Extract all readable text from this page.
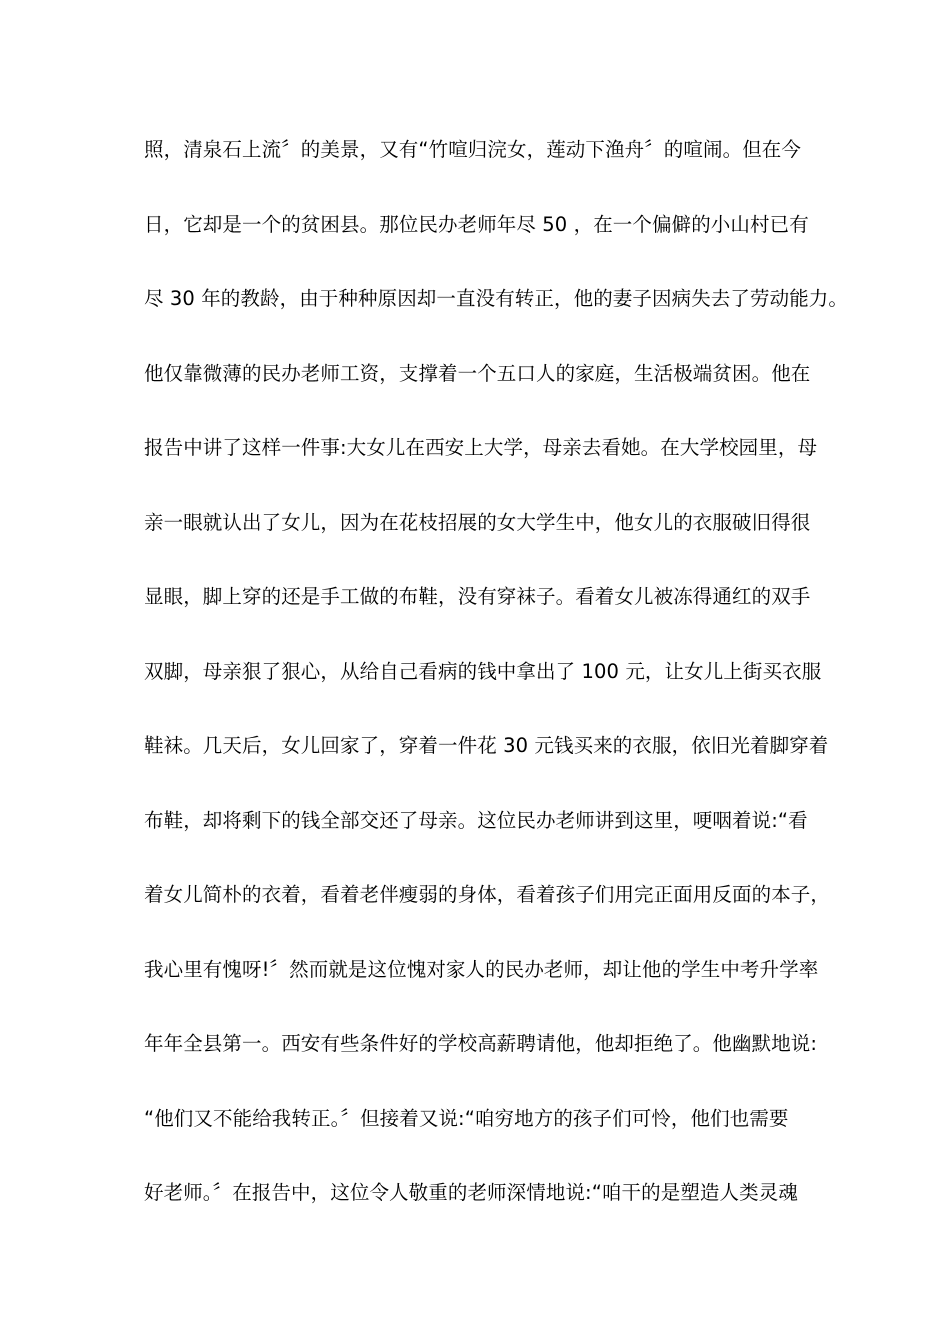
照，清泉石上流〞的美景，又有“竹喧归浣女，莲动下渔舟〞的喧闹。但在今
日，它却是一个的贫困县。那位民办老师年尽 50 ，在一个偏僻的小山村已有
尽 30 年的教龄，由于种种原因却一直没有转正，他的妻子因病失去了劳动能力。
他仅靠微薄的民办老师工资，支撑着一个五口人的家庭，生活极端贫困。他在
报告中讲了这样一件事:大女儿在西安上大学，母亲去看她。在大学校园里，母
亲一眼就认出了女儿，因为在花枝招展的女大学生中，他女儿的衣服破旧得很
显眼，脚上穿的还是手工做的布鞋，没有穿袜子。看着女儿被冻得通红的双手
双脚，母亲狠了狠心，从给自己看病的钱中拿出了 100 元，让女儿上街买衣服
鞋袜。几天后，女儿回家了，穿着一件花 30 元钱买来的衣服，依旧光着脚穿着
布鞋，却将剩下的钱全部交还了母亲。这位民办老师讲到这里，哽咽着说:“看
着女儿简朴的衣着，看着老伴瘦弱的身体，看着孩子们用完正面用反面的本子，
我心里有愧呀!〞然而就是这位愧对家人的民办老师，却让他的学生中考升学率
年年全县第一。西安有些条件好的学校高薪聘请他，他却拒绝了。他幽默地说:
“他们又不能给我转正。〞但接着又说:“咱穷地方的孩子们可怜，他们也需要
好老师。〞在报告中，这位令人敬重的老师深情地说:“咱干的是塑造人类灵魂
